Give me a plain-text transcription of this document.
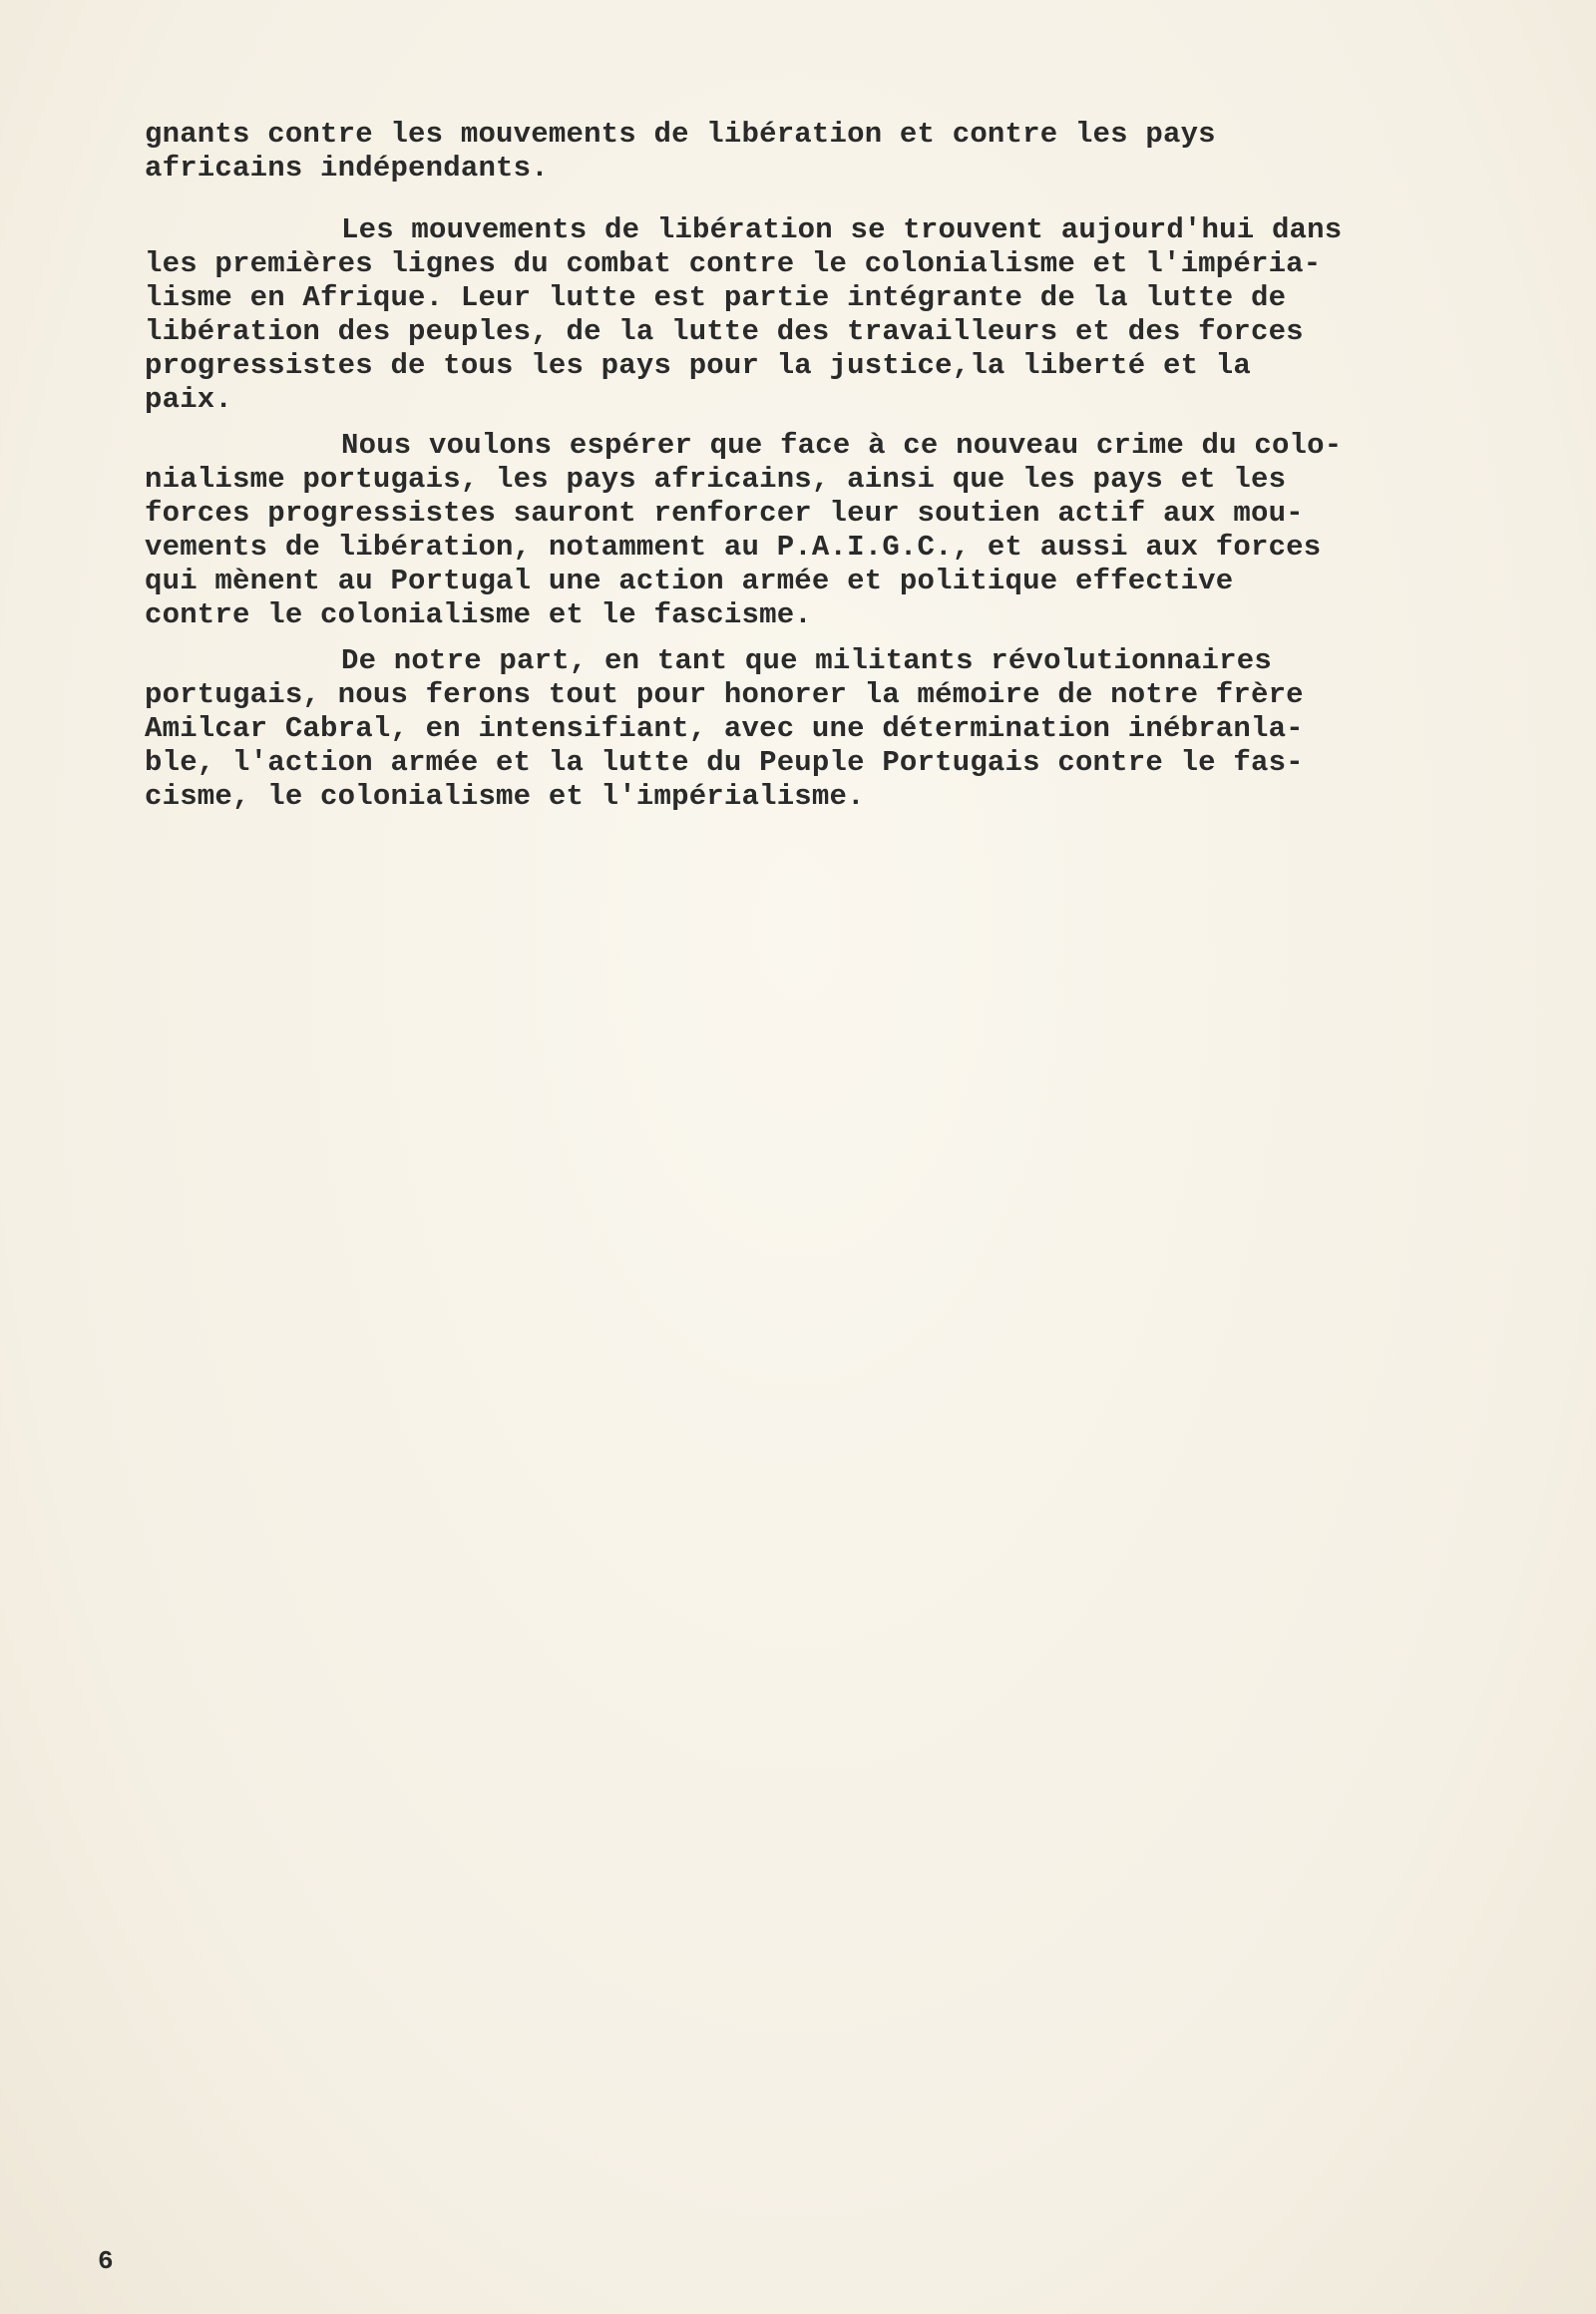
gnants contre les mouvements de libération et contre les pays
africains indépendants.
Les mouvements de libération se trouvent aujourd'hui dans
les premières lignes du combat contre le colonialisme et l'impéria-
lisme en Afrique. Leur lutte est partie intégrante de la lutte de
libération des peuples, de la lutte des travailleurs et des forces
progressistes de tous les pays pour la justice,la liberté et la
paix.
Nous voulons espérer que face à ce nouveau crime du colo-
nialisme portugais, les pays africains, ainsi que les pays et les
forces progressistes sauront renforcer leur soutien actif aux mou-
vements de libération, notamment au P.A.I.G.C., et aussi aux forces
qui mènent au Portugal une action armée et politique effective
contre le colonialisme et le fascisme.
De notre part, en tant que militants révolutionnaires
portugais, nous ferons tout pour honorer la mémoire de notre frère
Amilcar Cabral, en intensifiant, avec une détermination inébranla-
ble, l'action armée et la lutte du Peuple Portugais contre le fas-
cisme, le colonialisme et l'impérialisme.
6
